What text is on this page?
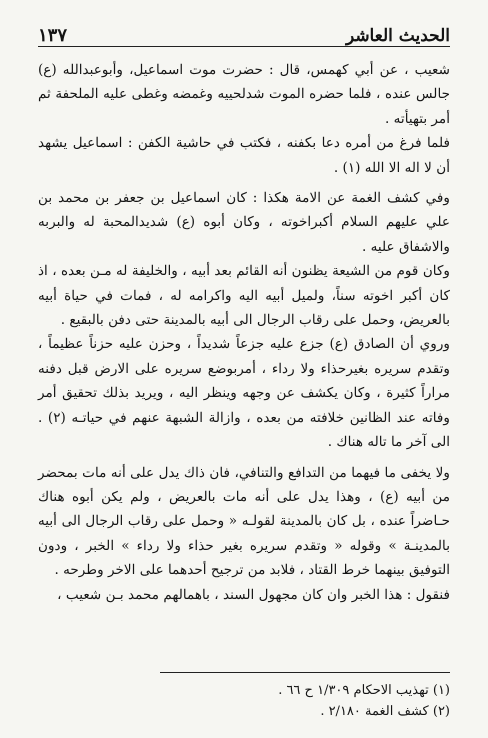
١٣٧	الحديث العاشر

شعيب ، عن أبي كهمس، قال : حضرت موت اسماعيل، وأبوعبدالله (ع) جالس عنده ، فلما حضره الموت شدلحييه وغمضه وغطى عليه الملحفة ثم أمر بتهيأته .

فلما فرغ من أمره دعا بكفنه ، فكتب في حاشية الكفن : اسماعيل يشهد أن لا اله الا الله (١) .

وفي كشف الغمة عن الامة هكذا : كان اسماعيل بن جعفر بن محمد بن علي عليهم السلام أكبراخوته ، وكان أبوه (ع) شديدالمحبة له والبربه والاشفاق عليه .

وكان قوم من الشيعة يظنون أنه القائم بعد أبيه ، والخليفة له مـن بعده ، اذ كان أكبر اخوته سناً، ولميل أبيه اليه واكرامه له ، فمات في حياة أبيه بالعريض، وحمل على رقاب الرجال الى أبيه بالمدينة حتى دفن بالبقيع .

وروي أن الصادق (ع) جزع عليه جزعاً شديداً ، وحزن عليه حزناً عظيماً ، وتقدم سريره بغيرحذاء ولا رداء ، أمربوضع سريره على الارض قبل دفنه مراراً كثيرة ، وكان يكشف عن وجهه وينظر اليه ، ويريد بذلك تحقيق أمر وفاته عند الظانين خلافته من بعده ، وازالة الشبهة عنهم في حياتـه (٢) . الى آخر ما تاله هناك .

ولا يخفى ما فيهما من التدافع والتنافي، فان ذاك يدل على أنه مات بمحضر من أبيه (ع) ، وهذا يدل على أنه مات بالعريض ، ولم يكن أبوه هناك حـاضراً عنده ، بل كان بالمدينة لقولـه « وحمل على رقاب الرجال الى أبيه بالمدينـة » وقوله « وتقدم سريره بغير حذاء ولا رداء » الخبر ، ودون التوفيق بينهما خرط القتاد ، فلابد من ترجيح أحدهما على الاخر وطرحه .

فنقول : هذا الخبر وان كان مجهول السند ، باهمالهم محمد بـن شعيب ،

(١) تهذيب الاحكام ١/٣٠٩ ح ٦٦ .

(٢) كشف الغمة ٢/١٨٠ .
